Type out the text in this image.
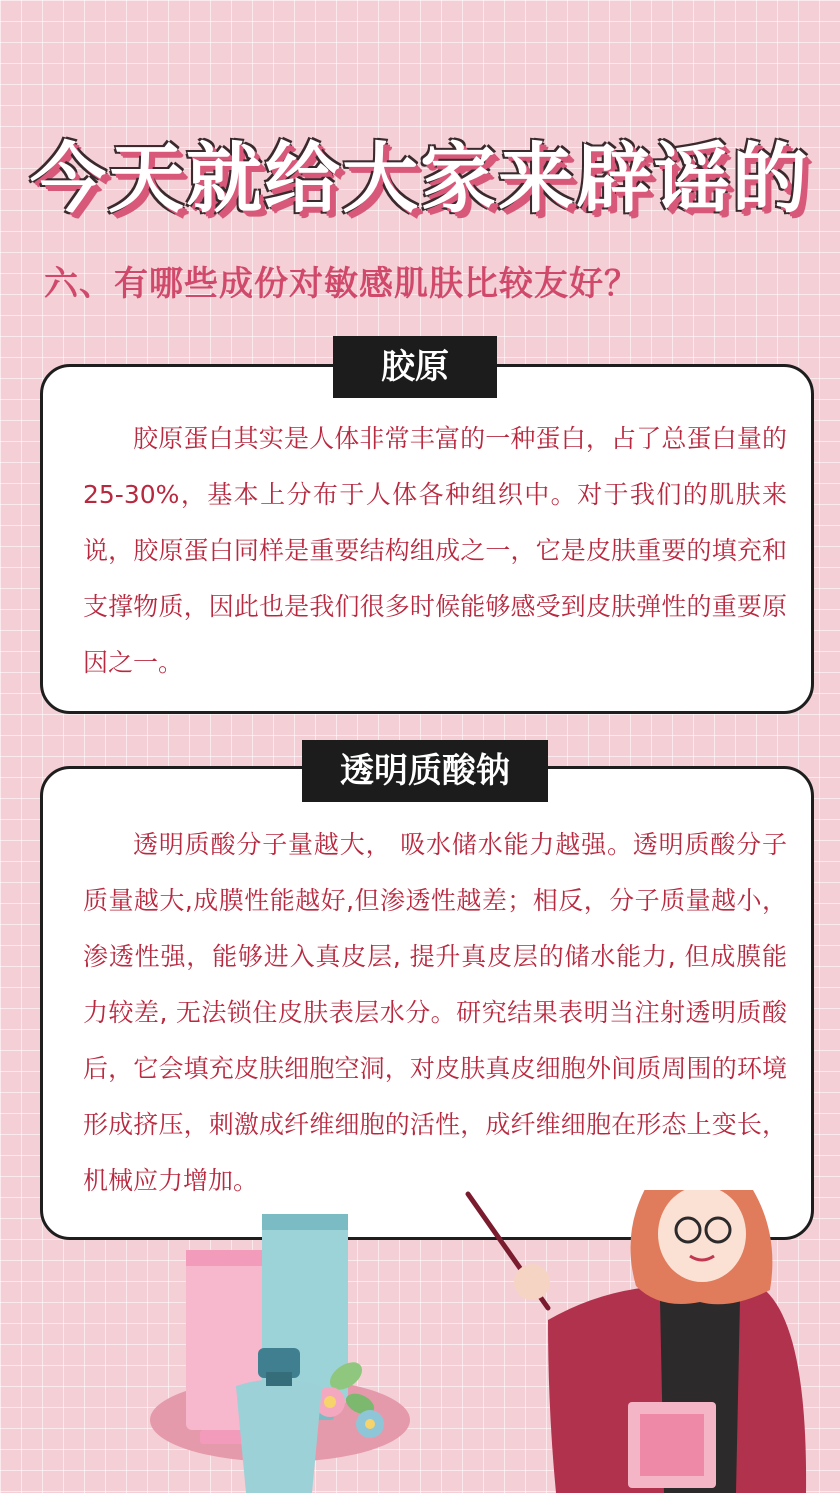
今天就给大家来辟谣的
六、有哪些成份对敏感肌肤比较友好？
胶原蛋白其实是人体非常丰富的一种蛋白，占了总蛋白量的25-30%，基本上分布于人体各种组织中。对于我们的肌肤来说，胶原蛋白同样是重要结构组成之一，它是皮肤重要的填充和支撑物质，因此也是我们很多时候能够感受到皮肤弹性的重要原因之一。
胶原
透明质酸分子量越大， 吸水储水能力越强。透明质酸分子质量越大,成膜性能越好,但渗透性越差；相反，分子质量越小，渗透性强，能够进入真皮层, 提升真皮层的储水能力, 但成膜能力较差, 无法锁住皮肤表层水分。研究结果表明当注射透明质酸后，它会填充皮肤细胞空洞，对皮肤真皮细胞外间质周围的环境形成挤压，刺激成纤维细胞的活性，成纤维细胞在形态上变长，机械应力增加。
透明质酸钠
